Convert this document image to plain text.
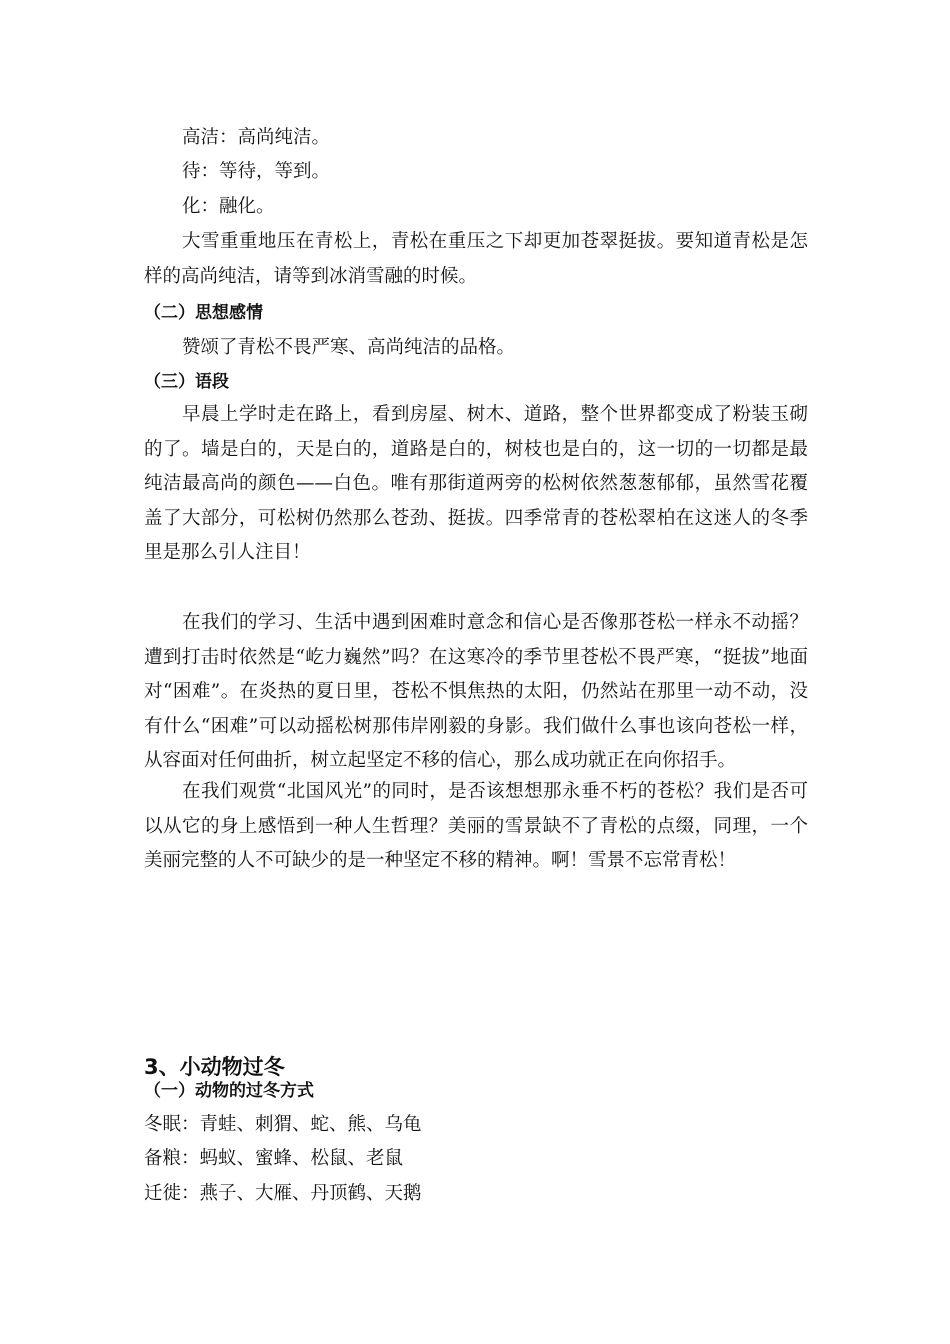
高洁：高尚纯洁。
待：等待，等到。
化：融化。
大雪重重地压在青松上，青松在重压之下却更加苍翠挺拔。要知道青松是怎样的高尚纯洁，请等到冰消雪融的时候。
（二）思想感情
赞颂了青松不畏严寒、高尚纯洁的品格。
（三）语段
早晨上学时走在路上，看到房屋、树木、道路，整个世界都变成了粉装玉砌的了。墙是白的，天是白的，道路是白的，树枝也是白的，这一切的一切都是最纯洁最高尚的颜色——白色。唯有那街道两旁的松树依然葱葱郁郁，虽然雪花覆盖了大部分，可松树仍然那么苍劲、挺拔。四季常青的苍松翠柏在这迷人的冬季里是那么引人注目！
在我们的学习、生活中遇到困难时意念和信心是否像那苍松一样永不动摇？遭到打击时依然是“屹力巍然”吗？在这寒冷的季节里苍松不畏严寒，“挺拔”地面对“困难”。在炎热的夏日里，苍松不惧焦热的太阳，仍然站在那里一动不动，没有什么“困难”可以动摇松树那伟岸刚毅的身影。我们做什么事也该向苍松一样，从容面对任何曲折，树立起坚定不移的信心，那么成功就正在向你招手。
在我们观赏“北国风光”的同时，是否该想想那永垂不朽的苍松？我们是否可以从它的身上感悟到一种人生哲理？美丽的雪景缺不了青松的点缀，同理，一个美丽完整的人不可缺少的是一种坚定不移的精神。啊！雪景不忘常青松！
3、小动物过冬
（一）动物的过冬方式
冬眠：青蛙、刺猬、蛇、熊、乌龟
备粮：蚂蚁、蜜蜂、松鼠、老鼠
迁徙：燕子、大雁、丹顶鹤、天鹅
